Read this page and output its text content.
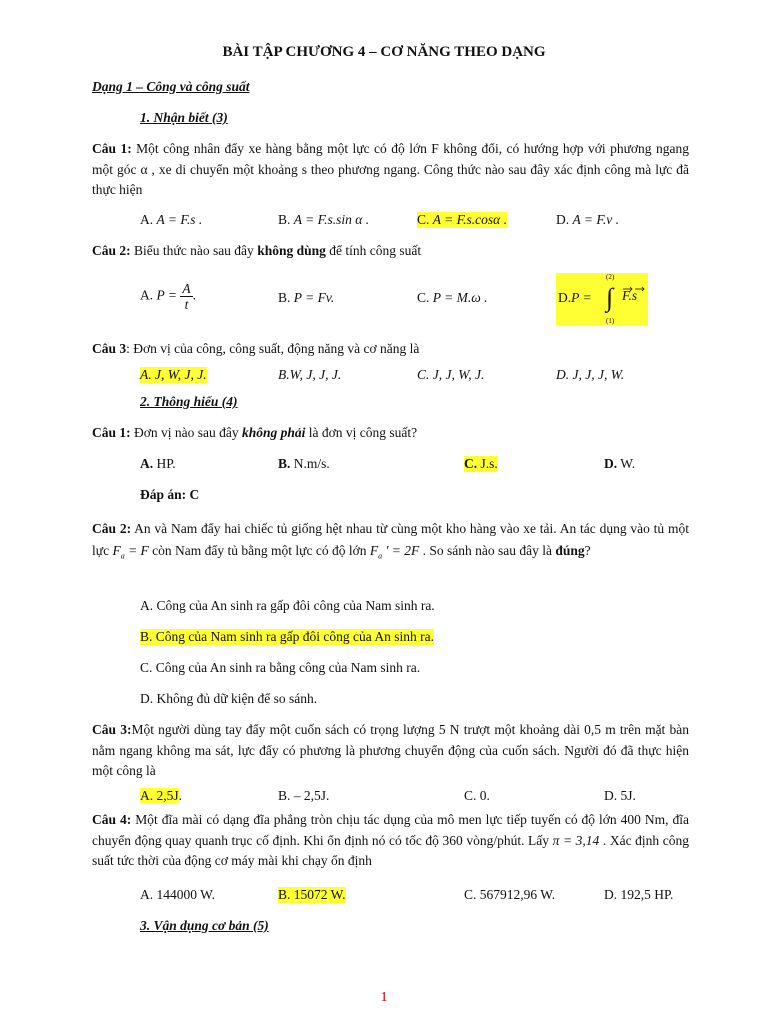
BÀI TẬP CHƯƠNG 4 – CƠ NĂNG THEO DẠNG
Dạng 1 – Công và công suất
1. Nhận biết (3)
Câu 1: Một công nhân đẩy xe hàng bằng một lực có độ lớn F không đổi, có hướng hợp với phương ngang một góc α , xe di chuyển một khoảng s theo phương ngang. Công thức nào sau đây xác định công mà lực đã thực hiện
A. A = F.s .	B. A = F.s.sin α .	C. A = F.s.cosα .	D. A = F.v .
Câu 2: Biểu thức nào sau đây không dùng để tính công suất
A. $P = \frac{A}{t}$ .	B. P = Fv.	C. P = M.ω .	D.P =
(2)
∫
(1)
F.s
Câu 3: Đơn vị của công, công suất, động năng và cơ năng là
A. J, W, J, J.	B.W, J, J, J.	C. J, J, W, J.	D. J, J, J, W.
2. Thông hiểu (4)
Câu 1: Đơn vị nào sau đây không phải là đơn vị công suất?
A. HP.	B. N.m/s.	C. J.s.	D. W.
Đáp án: C
Câu 2: An và Nam đẩy hai chiếc tủ giống hệt nhau từ cùng một kho hàng vào xe tải. An tác dụng vào tủ một lực $F_a = F$ còn Nam đẩy tủ bằng một lực có độ lớn $F_a$ ' = 2F . So sánh nào sau đây là đúng?
A. Công của An sinh ra gấp đôi công của Nam sinh ra.
B. Công của Nam sinh ra gấp đôi công của An sinh ra.
C. Công của An sinh ra bằng công của Nam sinh ra.
D. Không đủ dữ kiện để so sánh.
Câu 3:Một người dùng tay đẩy một cuốn sách có trọng lượng 5 N trượt một khoảng dài 0,5 m trên mặt bàn nằm ngang không ma sát, lực đẩy có phương là phương chuyển động của cuốn sách. Người đó đã thực hiện một công là
A. 2,5J.	B. – 2,5J.	C. 0.	D. 5J.
Câu 4: Một đĩa mài có dạng đĩa phẳng tròn chịu tác dụng của mô men lực tiếp tuyến có độ lớn 400 Nm, đĩa chuyển động quay quanh trục cố định. Khi ổn định nó có tốc độ 360 vòng/phút. Lấy π = 3,14 . Xác định công suất tức thời của động cơ máy mài khi chạy ổn định
A. 144000 W.	B. 15072 W.	C. 567912,96 W.	D. 192,5 HP.
3. Vận dụng cơ bản (5)
1
